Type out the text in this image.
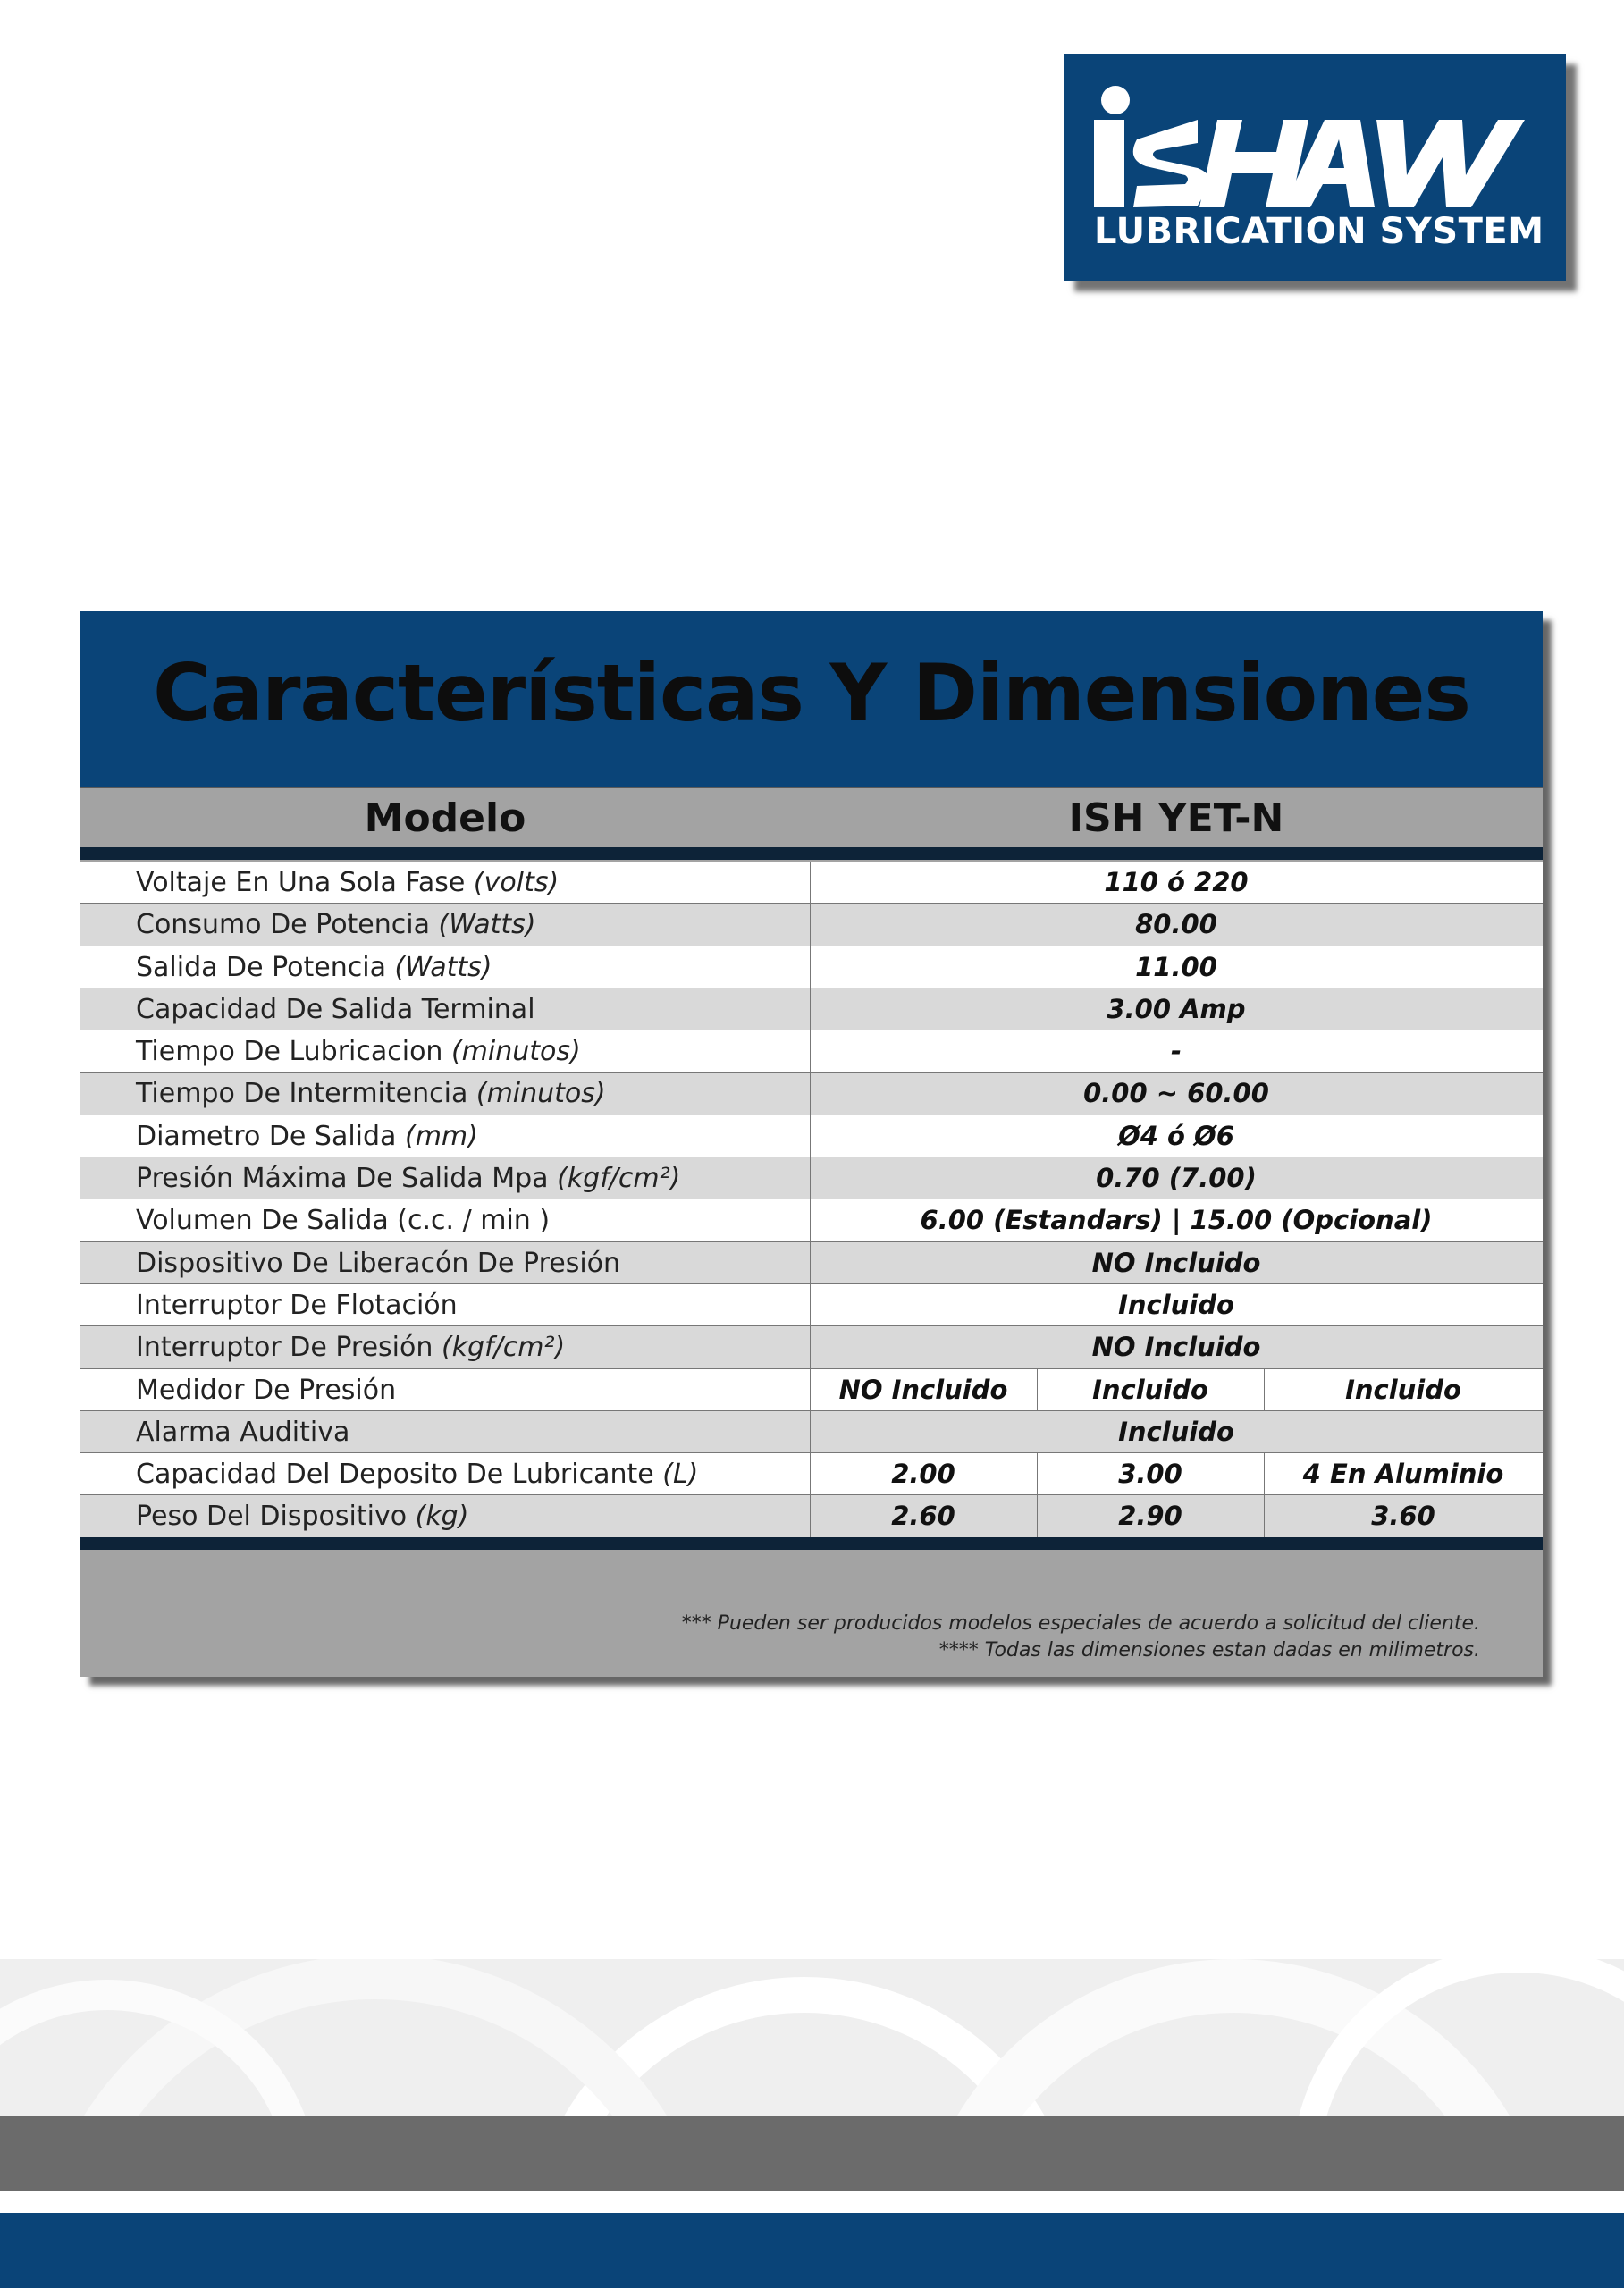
LUBRICATION SYSTEM
Características Y Dimensiones
Modelo	ISH YET-N
Voltaje En Una Sola Fase (volts)	110 ó 220
Consumo De Potencia (Watts)	80.00
Salida De Potencia (Watts)	11.00
Capacidad De Salida Terminal	3.00 Amp
Tiempo De Lubricacion (minutos)	-
Tiempo De Intermitencia (minutos)	0.00 ~ 60.00
Diametro De Salida (mm)	Ø4 ó Ø6
Presión Máxima De Salida Mpa (kgf/cm²)	0.70 (7.00)
Volumen De Salida (c.c. / min )	6.00 (Estandars) | 15.00 (Opcional)
Dispositivo De Liberacón De Presión	NO Incluido
Interruptor De Flotación	Incluido
Interruptor De Presión (kgf/cm²)	NO Incluido
Medidor De Presión	NO Incluido	Incluido	Incluido
Alarma Auditiva	Incluido
Capacidad Del Deposito De Lubricante (L)	2.00	3.00	4 En Aluminio
Peso Del Dispositivo (kg)	2.60	2.90	3.60
*** Pueden ser producidos modelos especiales de acuerdo a solicitud del cliente.
**** Todas las dimensiones estan dadas en milimetros.
